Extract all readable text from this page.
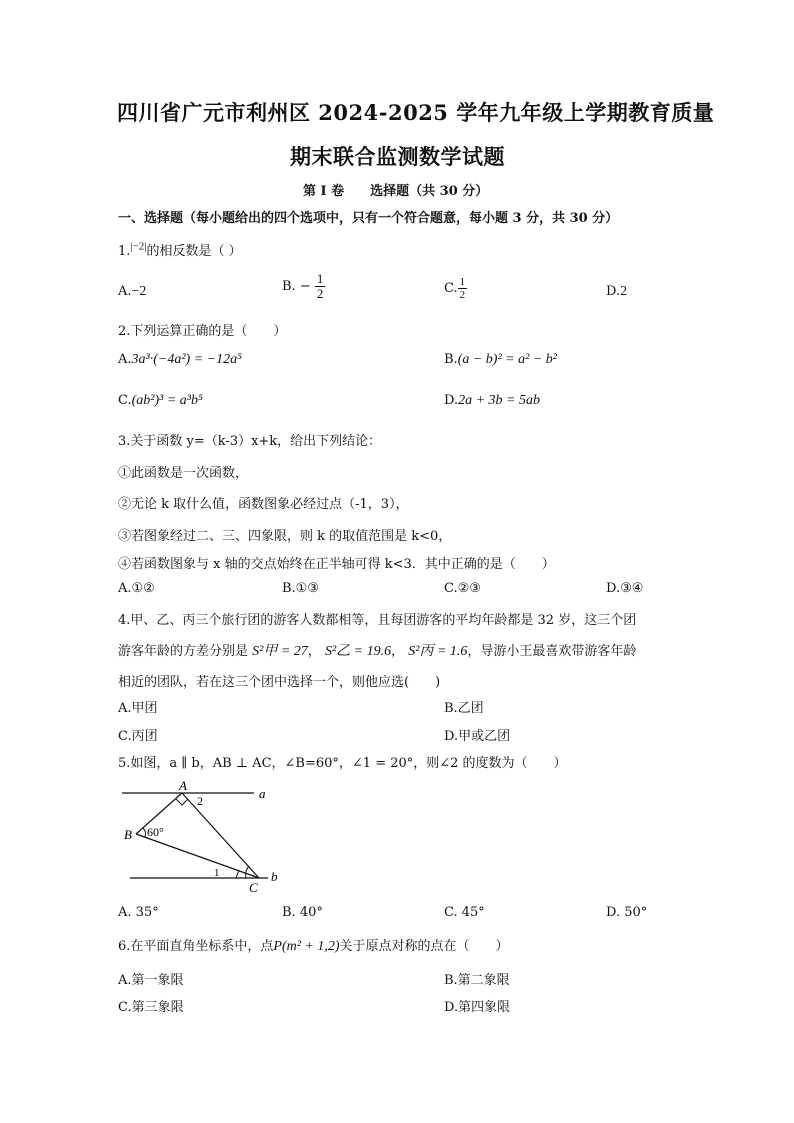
四川省广元市利州区 2024-2025 学年九年级上学期教育质量
期末联合监测数学试题
第 I 卷　　选择题（共 30 分）
一、选择题（每小题给出的四个选项中，只有一个符合题意，每小题 3 分，共 30 分）
1.$^{|-2|}$的相反数是（ ）
A.−2	B. − $\frac{1}{2}$	C. $\frac{1}{2}$	D.2
2.下列运算正确的是（　　）
A.3a³·(−4a²) = −12a⁵	B.(a − b)² = a² − b²
C.(ab²)³ = a³b⁵	D.2a + 3b = 5ab
3.关于函数 y=（k-3）x+k，给出下列结论：
①此函数是一次函数，
②无论 k 取什么值，函数图象必经过点（-1，3），
③若图象经过二、三、四象限，则 k 的取值范围是 k<0，
④若函数图象与 x 轴的交点始终在正半轴可得 k<3．其中正确的是（　　）
A.①②	B.①③	C.②③	D.③④
4.甲、乙、丙三个旅行团的游客人数都相等，且每团游客的平均年龄都是 32 岁，这三个团
游客年龄的方差分别是 S²甲 = 27， S²乙 = 19.6， S²丙 = 1.6，导游小王最喜欢带游客年龄
相近的团队，若在这三个团中选择一个，则他应选(　　)
A.甲团	B.乙团
C.丙团	D.甲或乙团
5.如图，a ∥ b，AB ⊥ AC，∠B=60°，∠1 = 20°，则∠2 的度数为（　　）
A
B
C
a
b
2
1
60°
A. 35°	B. 40°	C. 45°	D. 50°
6.在平面直角坐标系中，点P(m² + 1,2)关于原点对称的点在（　　）
A.第一象限	B.第二象限
C.第三象限	D.第四象限
